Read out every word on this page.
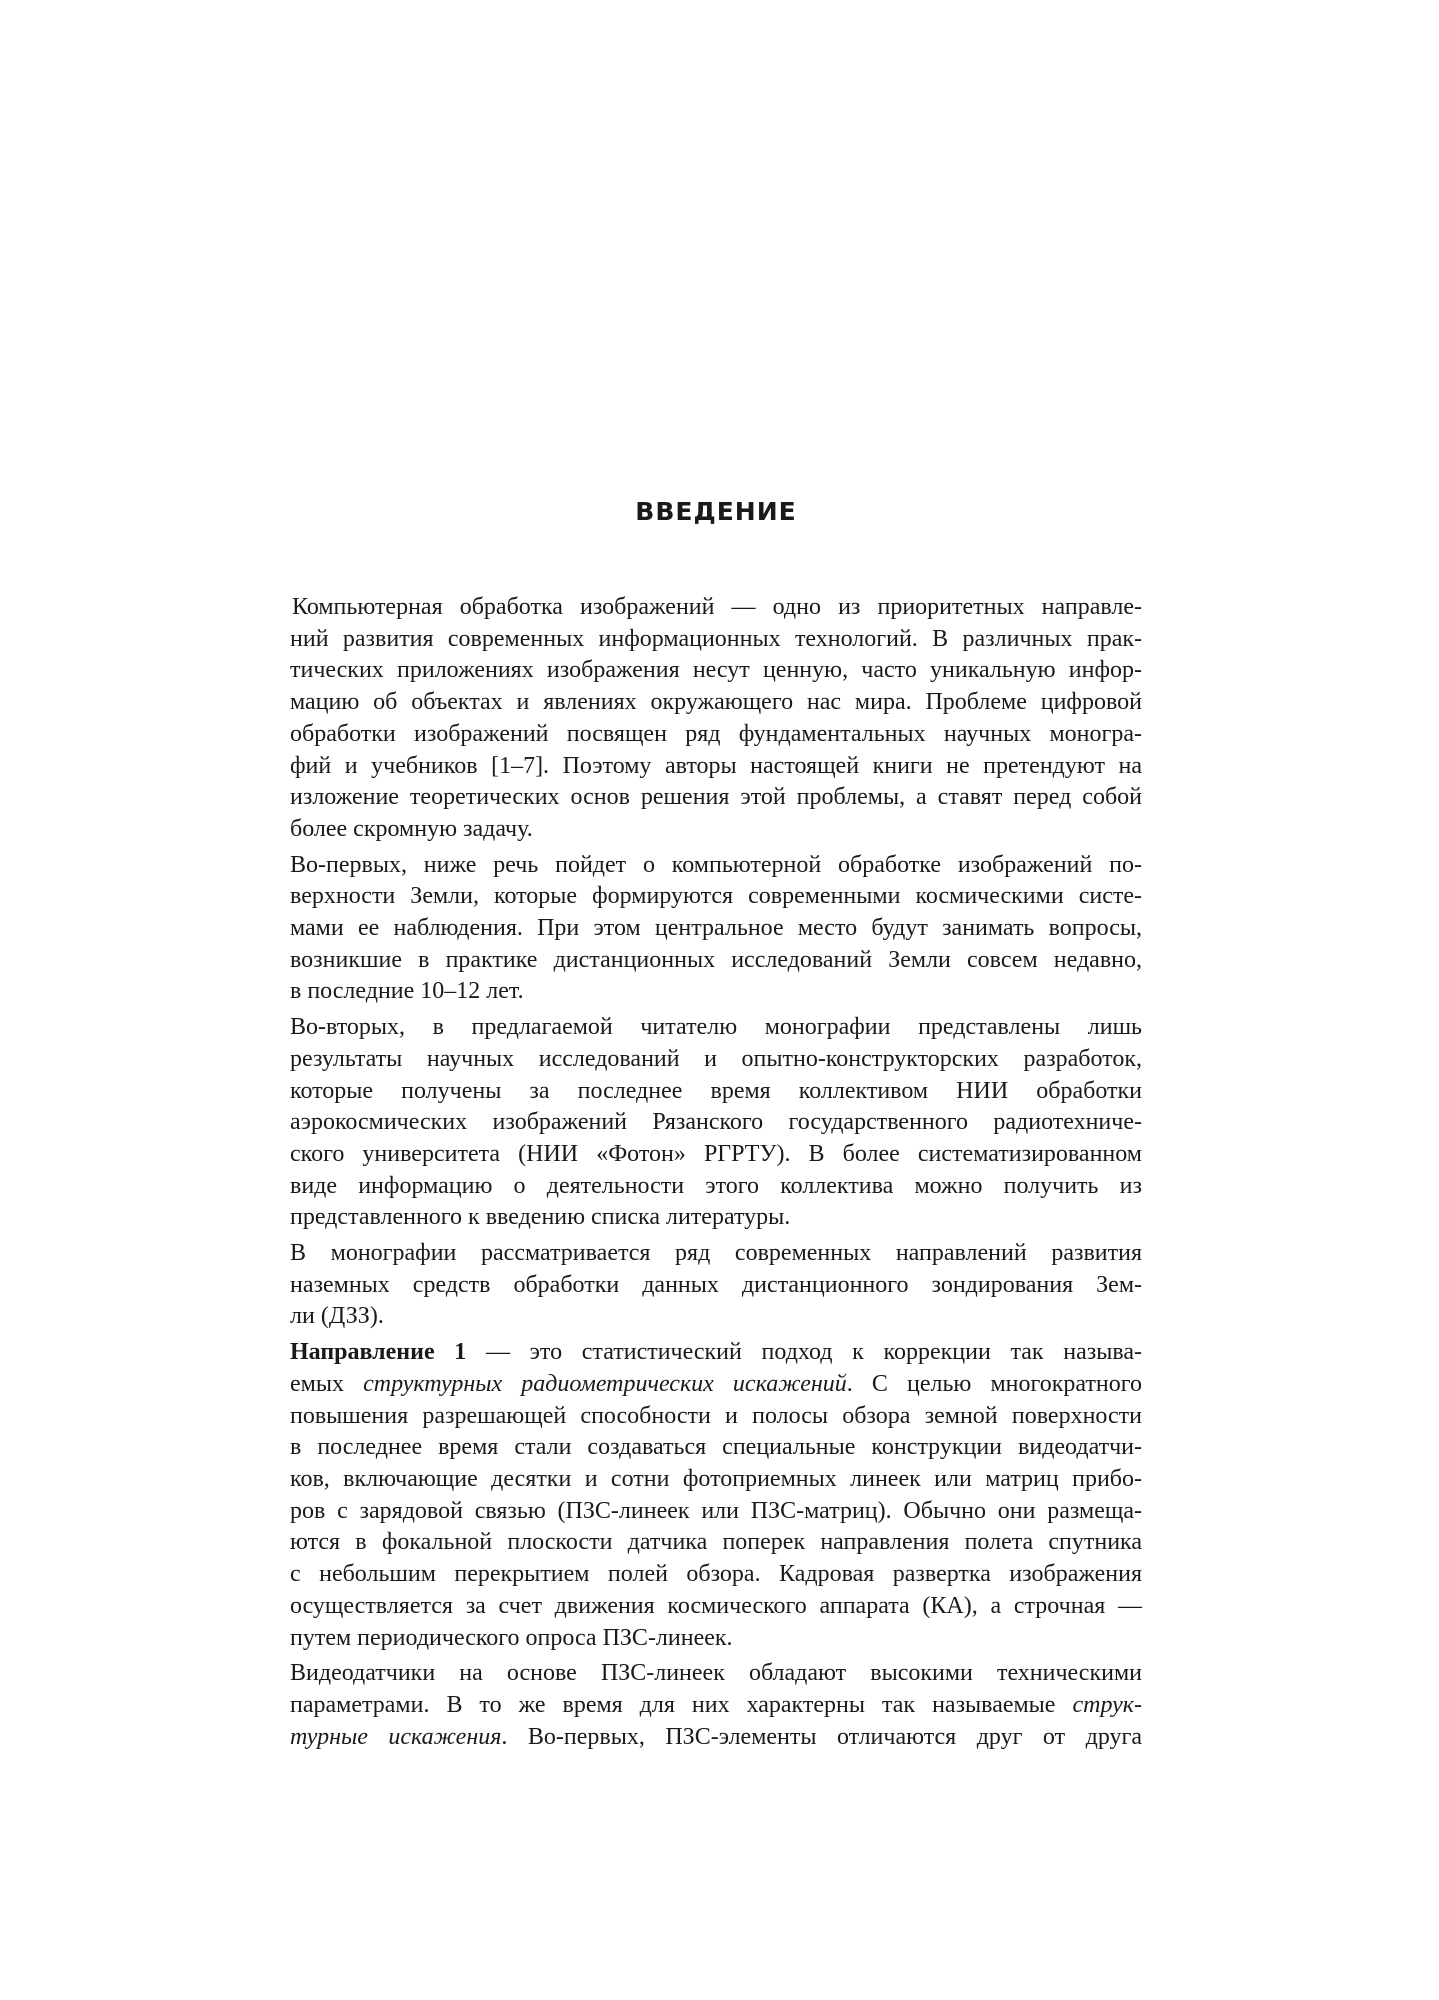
ВВЕДЕНИЕ
Компьютерная обработка изображений — одно из приоритетных направле-
ний развития современных информационных технологий. В различных прак-
тических приложениях изображения несут ценную, часто уникальную инфор-
мацию об объектах и явлениях окружающего нас мира. Проблеме цифровой
обработки изображений посвящен ряд фундаментальных научных моногра-
фий и учебников [1–7]. Поэтому авторы настоящей книги не претендуют на
изложение теоретических основ решения этой проблемы, а ставят перед собой
более скромную задачу.
Во-первых, ниже речь пойдет о компьютерной обработке изображений по-
верхности Земли, которые формируются современными космическими систе-
мами ее наблюдения. При этом центральное место будут занимать вопросы,
возникшие в практике дистанционных исследований Земли совсем недавно,
в последние 10–12 лет.
Во-вторых, в предлагаемой читателю монографии представлены лишь
результаты научных исследований и опытно-конструкторских разработок,
которые получены за последнее время коллективом НИИ обработки
аэрокосмических изображений Рязанского государственного радиотехниче-
ского университета (НИИ «Фотон» РГРТУ). В более систематизированном
виде информацию о деятельности этого коллектива можно получить из
представленного к введению списка литературы.
В монографии рассматривается ряд современных направлений развития
наземных средств обработки данных дистанционного зондирования Зем-
ли (ДЗЗ).
Направление 1 — это статистический подход к коррекции так называ-
емых структурных радиометрических искажений. С целью многократного
повышения разрешающей способности и полосы обзора земной поверхности
в последнее время стали создаваться специальные конструкции видеодатчи-
ков, включающие десятки и сотни фотоприемных линеек или матриц прибо-
ров с зарядовой связью (ПЗС-линеек или ПЗС-матриц). Обычно они размеща-
ются в фокальной плоскости датчика поперек направления полета спутника
с небольшим перекрытием полей обзора. Кадровая развертка изображения
осуществляется за счет движения космического аппарата (КА), а строчная —
путем периодического опроса ПЗС-линеек.
Видеодатчики на основе ПЗС-линеек обладают высокими техническими
параметрами. В то же время для них характерны так называемые струк-
турные искажения. Во-первых, ПЗС-элементы отличаются друг от друга
